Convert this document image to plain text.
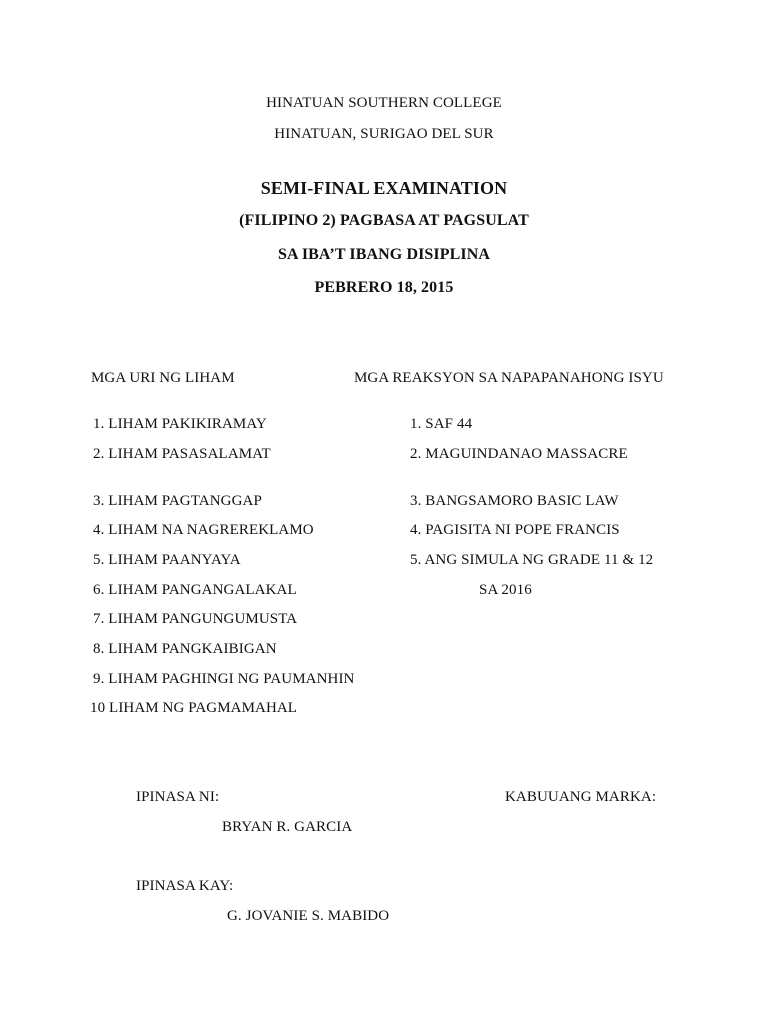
HINATUAN SOUTHERN COLLEGE
HINATUAN, SURIGAO DEL SUR
SEMI-FINAL EXAMINATION
(FILIPINO 2) PAGBASA AT PAGSULAT
SA IBA’T IBANG DISIPLINA
PEBRERO 18, 2015
MGA URI NG LIHAM	MGA REAKSYON SA NAPAPANAHONG ISYU
1. LIHAM PAKIKIRAMAY
2. LIHAM PASASALAMAT
3. LIHAM PAGTANGGAP
4. LIHAM NA NAGREREKLAMO
5. LIHAM PAANYAYA
6. LIHAM PANGANGALAKAL
7. LIHAM PANGUNGUMUSTA
8. LIHAM PANGKAIBIGAN
9. LIHAM PAGHINGI NG PAUMANHIN
10 LIHAM NG PAGMAMAHAL
1. SAF 44
2. MAGUINDANAO MASSACRE
3. BANGSAMORO BASIC LAW
4. PAGISITA NI POPE FRANCIS
5. ANG SIMULA NG GRADE 11 & 12
SA 2016
IPINASA NI:	KABUUANG MARKA:
BRYAN R. GARCIA
IPINASA KAY:
G. JOVANIE S. MABIDO
